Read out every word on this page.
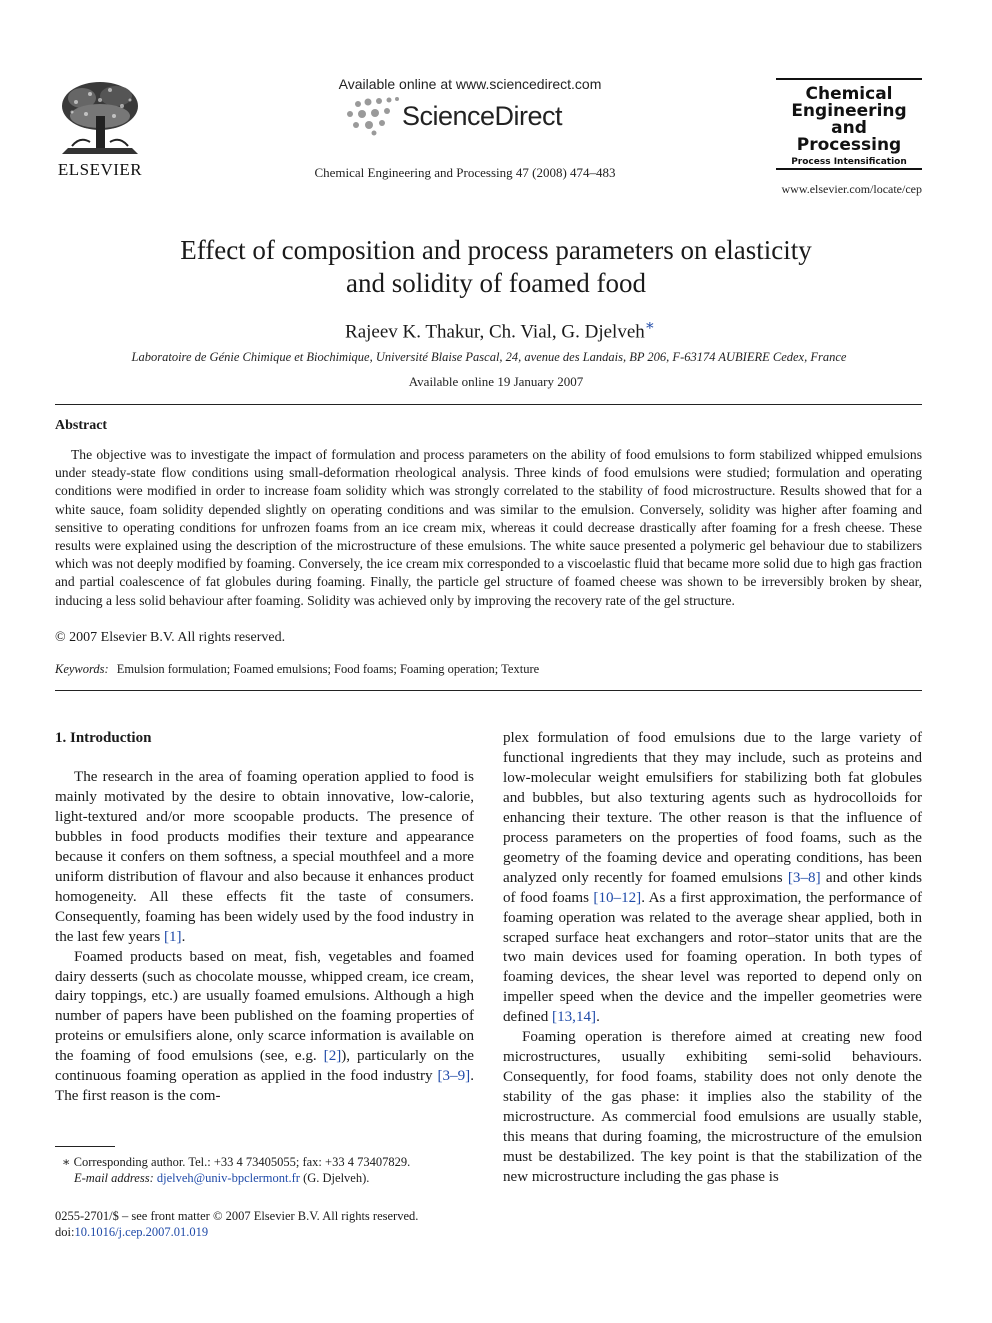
ELSEVIER
Available online at www.sciencedirect.com
ScienceDirect
Chemical Engineering and Processing 47 (2008) 474–483
Chemical
Engineering
and
Processing
Process Intensification
www.elsevier.com/locate/cep
Effect of composition and process parameters on elasticity
and solidity of foamed food
Rajeev K. Thakur, Ch. Vial, G. Djelveh∗
Laboratoire de Génie Chimique et Biochimique, Université Blaise Pascal, 24, avenue des Landais, BP 206, F-63174 AUBIERE Cedex, France
Available online 19 January 2007
Abstract
The objective was to investigate the impact of formulation and process parameters on the ability of food emulsions to form stabilized whipped emulsions under steady-state flow conditions using small-deformation rheological analysis. Three kinds of food emulsions were studied; formulation and operating conditions were modified in order to increase foam solidity which was strongly correlated to the stability of food microstructure. Results showed that for a white sauce, foam solidity depended slightly on operating conditions and was similar to the emulsion. Conversely, solidity was higher after foaming and sensitive to operating conditions for unfrozen foams from an ice cream mix, whereas it could decrease drastically after foaming for a fresh cheese. These results were explained using the description of the microstructure of these emulsions. The white sauce presented a polymeric gel behaviour due to stabilizers which was not deeply modified by foaming. Conversely, the ice cream mix corresponded to a viscoelastic fluid that became more solid due to high gas fraction and partial coalescence of fat globules during foaming. Finally, the particle gel structure of foamed cheese was shown to be irreversibly broken by shear, inducing a less solid behaviour after foaming. Solidity was achieved only by improving the recovery rate of the gel structure.
© 2007 Elsevier B.V. All rights reserved.
Keywords: Emulsion formulation; Foamed emulsions; Food foams; Foaming operation; Texture
1. Introduction

The research in the area of foaming operation applied to food is mainly motivated by the desire to obtain innovative, low-calorie, light-textured and/or more scoopable products. The presence of bubbles in food products modifies their texture and appearance because it confers on them softness, a special mouthfeel and a more uniform distribution of flavour and also because it enhances product homogeneity. All these effects fit the taste of consumers. Consequently, foaming has been widely used by the food industry in the last few years [1].

Foamed products based on meat, fish, vegetables and foamed dairy desserts (such as chocolate mousse, whipped cream, ice cream, dairy toppings, etc.) are usually foamed emulsions. Although a high number of papers have been published on the foaming properties of proteins or emulsifiers alone, only scarce information is available on the foaming of food emulsions (see, e.g. [2]), particularly on the continuous foaming operation as applied in the food industry [3–9]. The first reason is the com-

plex formulation of food emulsions due to the large variety of functional ingredients that they may include, such as proteins and low-molecular weight emulsifiers for stabilizing both fat globules and bubbles, but also texturing agents such as hydrocolloids for enhancing their texture. The other reason is that the influence of process parameters on the properties of food foams, such as the geometry of the foaming device and operating conditions, has been analyzed only recently for foamed emulsions [3–8] and other kinds of food foams [10–12]. As a first approximation, the performance of foaming operation was related to the average shear applied, both in scraped surface heat exchangers and rotor–stator units that are the two main devices used for foaming operation. In both types of foaming devices, the shear level was reported to depend only on impeller speed when the device and the impeller geometries were defined [13,14].

Foaming operation is therefore aimed at creating new food microstructures, usually exhibiting semi-solid behaviours. Consequently, for food foams, stability does not only denote the stability of the gas phase: it implies also the stability of the microstructure. As commercial food emulsions are usually stable, this means that during foaming, the microstructure of the emulsion must be destabilized. The key point is that the stabilization of the new microstructure including the gas phase is

∗ Corresponding author. Tel.: +33 4 73405055; fax: +33 4 73407829.
E-mail address: djelveh@univ-bpclermont.fr (G. Djelveh).
0255-2701/$ – see front matter © 2007 Elsevier B.V. All rights reserved.
doi:10.1016/j.cep.2007.01.019
